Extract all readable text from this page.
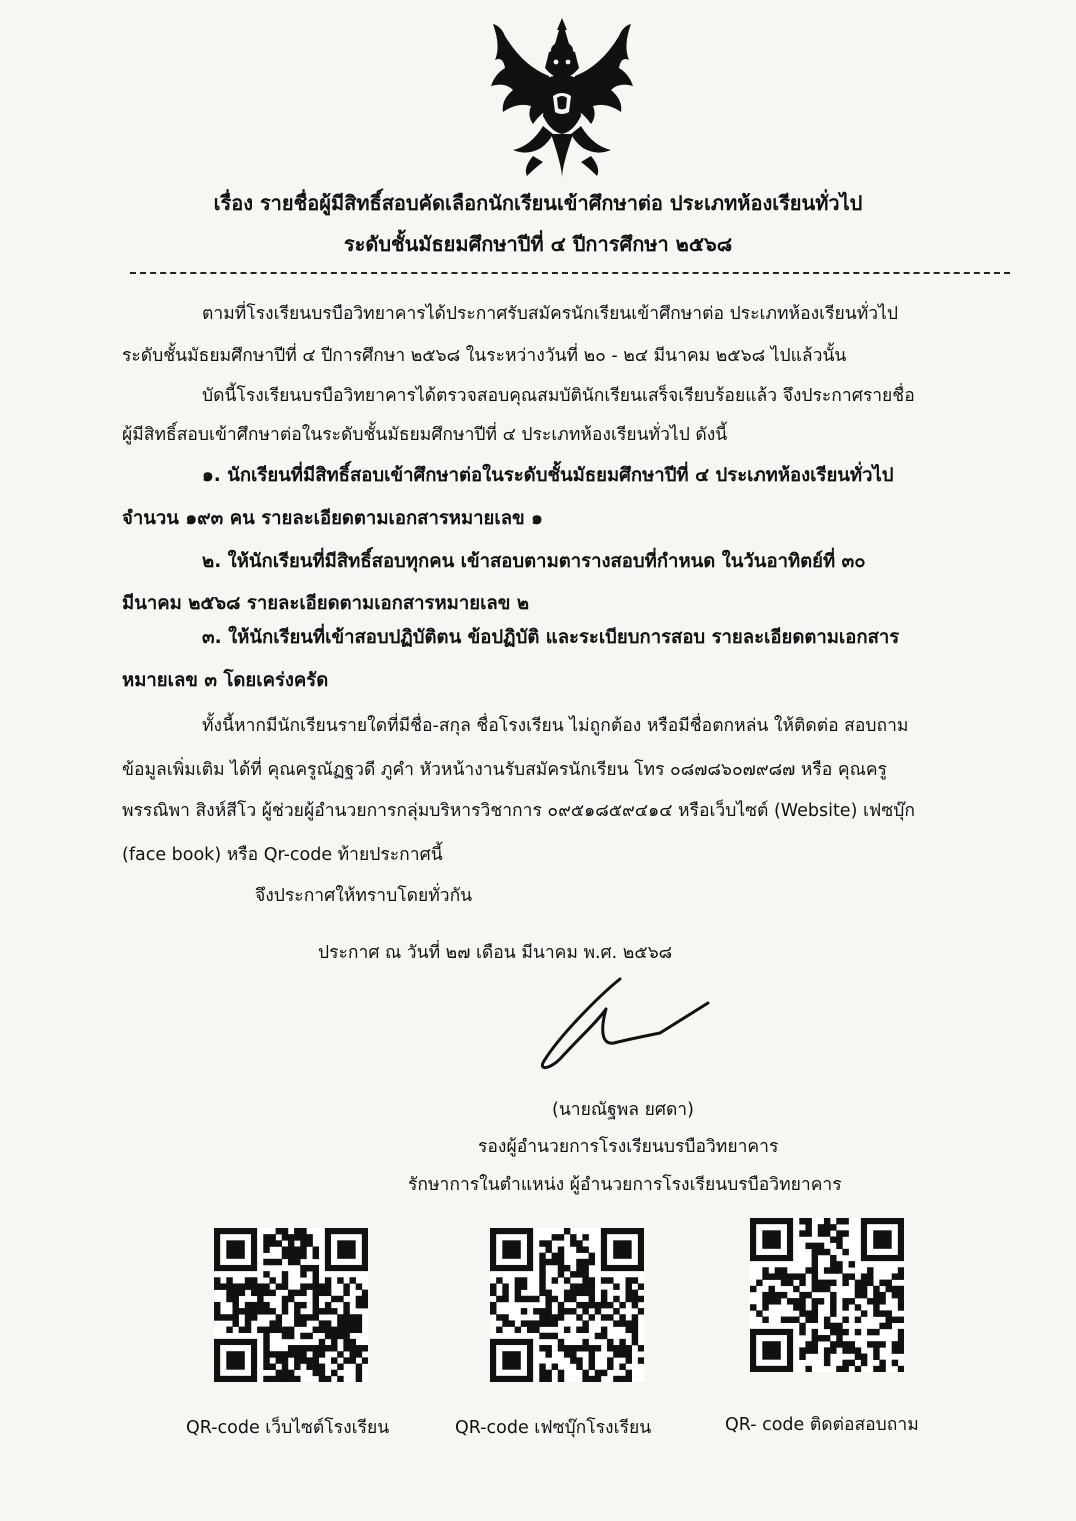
เรื่อง รายชื่อผู้มีสิทธิ์สอบคัดเลือกนักเรียนเข้าศึกษาต่อ ประเภทห้องเรียนทั่วไป
ระดับชั้นมัธยมศึกษาปีที่ ๔ ปีการศึกษา ๒๕๖๘
ตามที่โรงเรียนบรบือวิทยาคารได้ประกาศรับสมัครนักเรียนเข้าศึกษาต่อ ประเภทห้องเรียนทั่วไป
ระดับชั้นมัธยมศึกษาปีที่ ๔ ปีการศึกษา ๒๕๖๘ ในระหว่างวันที่ ๒๐ - ๒๔ มีนาคม ๒๕๖๘ ไปแล้วนั้น
บัดนี้โรงเรียนบรบือวิทยาคารได้ตรวจสอบคุณสมบัตินักเรียนเสร็จเรียบร้อยแล้ว จึงประกาศรายชื่อ
ผู้มีสิทธิ์สอบเข้าศึกษาต่อในระดับชั้นมัธยมศึกษาปีที่ ๔ ประเภทห้องเรียนทั่วไป ดังนี้
๑. นักเรียนที่มีสิทธิ์สอบเข้าศึกษาต่อในระดับชั้นมัธยมศึกษาปีที่ ๔ ประเภทห้องเรียนทั่วไป
จำนวน ๑๙๓ คน รายละเอียดตามเอกสารหมายเลข ๑
๒. ให้นักเรียนที่มีสิทธิ์สอบทุกคน เข้าสอบตามตารางสอบที่กำหนด ในวันอาทิตย์ที่ ๓๐
มีนาคม ๒๕๖๘ รายละเอียดตามเอกสารหมายเลข ๒
๓. ให้นักเรียนที่เข้าสอบปฏิบัติตน ข้อปฏิบัติ และระเบียบการสอบ รายละเอียดตามเอกสาร
หมายเลข ๓ โดยเคร่งครัด
ทั้งนี้หากมีนักเรียนรายใดที่มีชื่อ-สกุล ชื่อโรงเรียน ไม่ถูกต้อง หรือมีชื่อตกหล่น ให้ติดต่อ สอบถาม
ข้อมูลเพิ่มเติม ได้ที่ คุณครูณัฏฐวดี ภูคำ หัวหน้างานรับสมัครนักเรียน โทร ๐๘๗๘๖๐๗๙๘๗ หรือ คุณครู
พรรณิพา สิงห์สีโว ผู้ช่วยผู้อำนวยการกลุ่มบริหารวิชาการ ๐๙๕๑๘๕๙๔๑๔ หรือเว็บไซต์ (Website) เฟซบุ๊ก
(face book) หรือ Qr-code ท้ายประกาศนี้
จึงประกาศให้ทราบโดยทั่วกัน
ประกาศ ณ วันที่ ๒๗ เดือน มีนาคม พ.ศ. ๒๕๖๘
(นายณัฐพล ยศดา)
รองผู้อำนวยการโรงเรียนบรบือวิทยาคาร
รักษาการในตำแหน่ง ผู้อำนวยการโรงเรียนบรบือวิทยาคาร
QR-code เว็บไซต์โรงเรียน	QR-code เฟซบุ๊กโรงเรียน	QR- code ติดต่อสอบถาม
